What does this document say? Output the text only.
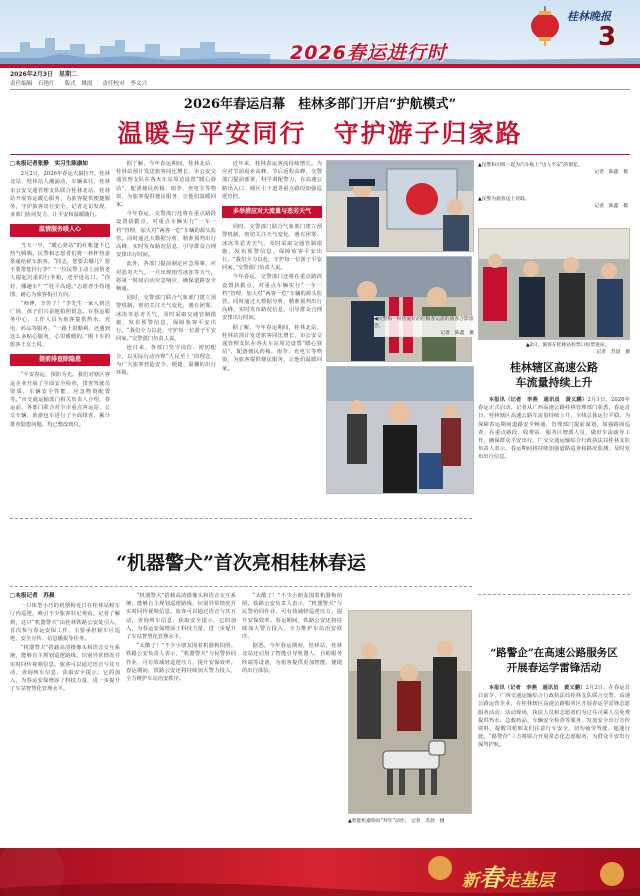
2026春运进行时
桂林晚报
3
2026年2月3日　星期二
责任编辑　石艳红 版式　姚霞 责任校对　李义兴
2026年春运启幕　桂林多部门开启“护航模式”
温暖与平安同行　守护游子归家路
□本报记者张静　实习生陈康如

2月2日，2026年春运大幕拉开。桂林北站、桂林站人潮涌动，车辆来往。桂林市公安交通管理支队联合桂林北站、桂林站开展春运暖心服务，为旅客提供便捷服务，守护旅客出行安全。记者走访发现，多部门协同发力，让平安和温暖随行。

温情服务暖人心

当天一早，“暖心驿站”的红帐篷下已热气腾腾。民警和志愿者们将一杯杯热姜茶递给候车旅客。“同志，您要去哪儿？要不要帮您拎行李？”一位民警主动上前帮老人提起沉重的行李箱，送至进站口。“你好，哪趟车？”“桂平高速。”志愿者手持地图，耐心为旅客指引方向。

“师傅，辛苦了！”李先生一家人到达广场，孩子们兴奋地拍照留念。在春运服务中心，工作人员为旅客提供热水、充电、药品等服务。“一路上很顺利，还遇到这么多贴心服务，心里暖暖的。”刚下车的旅客王女士说。

提前排查除隐患

“平安春运，预防为先。我们对辖区客运企业开展了全面安全检查，排查驾驶员资质、车辆安全性能、应急物资配置等。”市交通运输部门相关负责人介绍，春运前，各部门联合对全市重点客运站、公交车辆、旅游包车进行了全面排查，累计排查隐患问题，均已整改到位。

据了解，今年春运期间，桂林北站、桂林站预计发送旅客同比增长，市公安交通管理支队在各火车站周边设置“暖心驿站”，配备便民药箱、雨伞、充电宝等物资，为旅客提供便民服务，让他们温暖回家。

今年春运，交警部门还将在重点路段设置执勤点，对重点车辆实行“一车一档”管理，加大对“两客一危”车辆的源头监管。同时通过大数据分析，精准预判出行高峰，实时发布路况信息，引导群众合理安排出行时间。

此外，各部门提前制定应急预案，应对恶劣天气。一旦出现雨雪冰冻等天气，将第一时间启动应急响应，确保道路安全畅通。

同时，交警部门联合气象部门建立预警机制，密切关注天气变化，遇有团雾、冰冻等恶劣天气，及时采取交通管制措施，发布预警信息，保障旅客平安出行。“我们全力以赴，守护每一位游子平安回家。”交警部门负责人说。

连日来，各部门坚守岗位、密切配合，以实际行动诠释“人民至上”的理念，为广大旅客营造安全、便捷、温馨的出行环境。

近年来，桂林春运客流持续增长。为应对节前返乡高峰、节后返程高峰，交警部门提前部署，科学调配警力，在高速公路出入口、城区主干道等重点路段加强巡逻管控。

多举措应对大流量与恶劣天气

同时，交警部门联合气象部门建立预警机制，密切关注天气变化，遇有团雾、冰冻等恶劣天气，及时采取交通管制措施，发布预警信息，保障旅客平安出行。“我们全力以赴，守护每一位游子平安回家。”交警部门负责人说。

今年春运，交警部门还将在重点路段设置执勤点，对重点车辆实行“一车一档”管理，加大对“两客一危”车辆的源头监管。同时通过大数据分析，精准预判出行高峰，实时发布路况信息，引导群众合理安排出行时间。

据了解，今年春运期间，桂林北站、桂林站预计发送旅客同比增长，市公安交通管理支队在各火车站周边设置“暖心驿站”，配备便民药箱、雨伞、充电宝等物资，为旅客提供便民服务，让他们温暖回家。

▲民警和司机一起为汽车贴上“出入平安”的窗花。
记者　陈鑫　摄
▲民警为旅客送上对联。
记者　陈鑫　摄
◀民警和一样热爱好的红帽春运游的旅客合影留念。
记者　陈鑫　摄
▲2日，旅客在桂林站检票口检票进站。
记者　苏晨　摄
桂林辖区高速公路
车流量持续上升

本报讯（记者　李燕　通讯员　黄义鹏）2月1日，2026年春运正式启动。记者从广西高速公路桂林管理部门获悉，春运首日，桂林辖区高速公路车流量持续上升，全线总体运行平稳。为保障春运期间道路安全畅通，管理部门提前谋划，加强路面巡查，在重点路段、收费站、服务区增派人员，做好车流疏导工作，确保群众平安出行。广交交通运输综合行政执法局桂林支队负责人表示，春运期间将持续加强道路巡查和路况监测，及时发布出行信息。

“机器警犬”首次亮相桂林春运
□本报记者　苏晨

一只体型小巧的机器狗近日在桂林站候车厅内巡逻，吸引不少旅客驻足观看。记者了解到，这只“机器警犬”由桂林铁路公安处引入，首次参与春运安保工作，主要承担候车区巡逻、安全宣传、信息播报等任务。

“机器警犬”搭载高清摄像头和语音交互系统，能够自主规划巡逻路线，识别异常情况并实时回传视频信息。旅客可以通过语音与其互动，查询列车信息、获取安全提示。它的加入，为春运安保增添了科技力量，进一步提升了车站智慧化管理水平。

“机器警犬”搭载高清摄像头和语音交互系统，能够自主规划巡逻路线，识别异常情况并实时回传视频信息。旅客可以通过语音与其互动，查询列车信息、获取安全提示。它的加入，为春运安保增添了科技力量，进一步提升了车站智慧化管理水平。

“太酷了！”不少小朋友围着机器狗拍照。铁路公安负责人表示，“机器警犬”与民警协同作业，可有效减轻巡逻压力，提升安保效率。春运期间，铁路公安还将持续加大警力投入，全力维护车站治安秩序。

“太酷了！”不少小朋友围着机器狗拍照。铁路公安负责人表示，“机器警犬”与民警协同作业，可有效减轻巡逻压力，提升安保效率。春运期间，铁路公安还将持续加大警力投入，全力维护车站治安秩序。

据悉，今年春运期间，桂林站、桂林北站还启用了智能引导机器人、自助服务终端等设备，为旅客提供更加智能、便捷的出行体验。

▲智能机器狗向“拜年”动作。 记者　苏晨　摄
“路警企”在高速公路服务区
开展春运学雷锋活动

本报讯（记者　李燕　通讯员　黄义鹏）2月2日，在春运首日前夕，广西交通运输综合行政执法局桂林支队联合交警、高速公路运营企业，在桂林辖区高速公路服务区开展春运学雷锋志愿服务活动。活动现场，执法人员和志愿者们为过往司乘人员免费提供热水、急救药品、车辆安全检查等服务，发放安全出行宣传资料，提醒司机朋友们注意行车安全，切勿疲劳驾驶、超速行驶。“路警企”三方将联合开展常态化志愿服务，为群众平安出行保驾护航。

新春走基层
